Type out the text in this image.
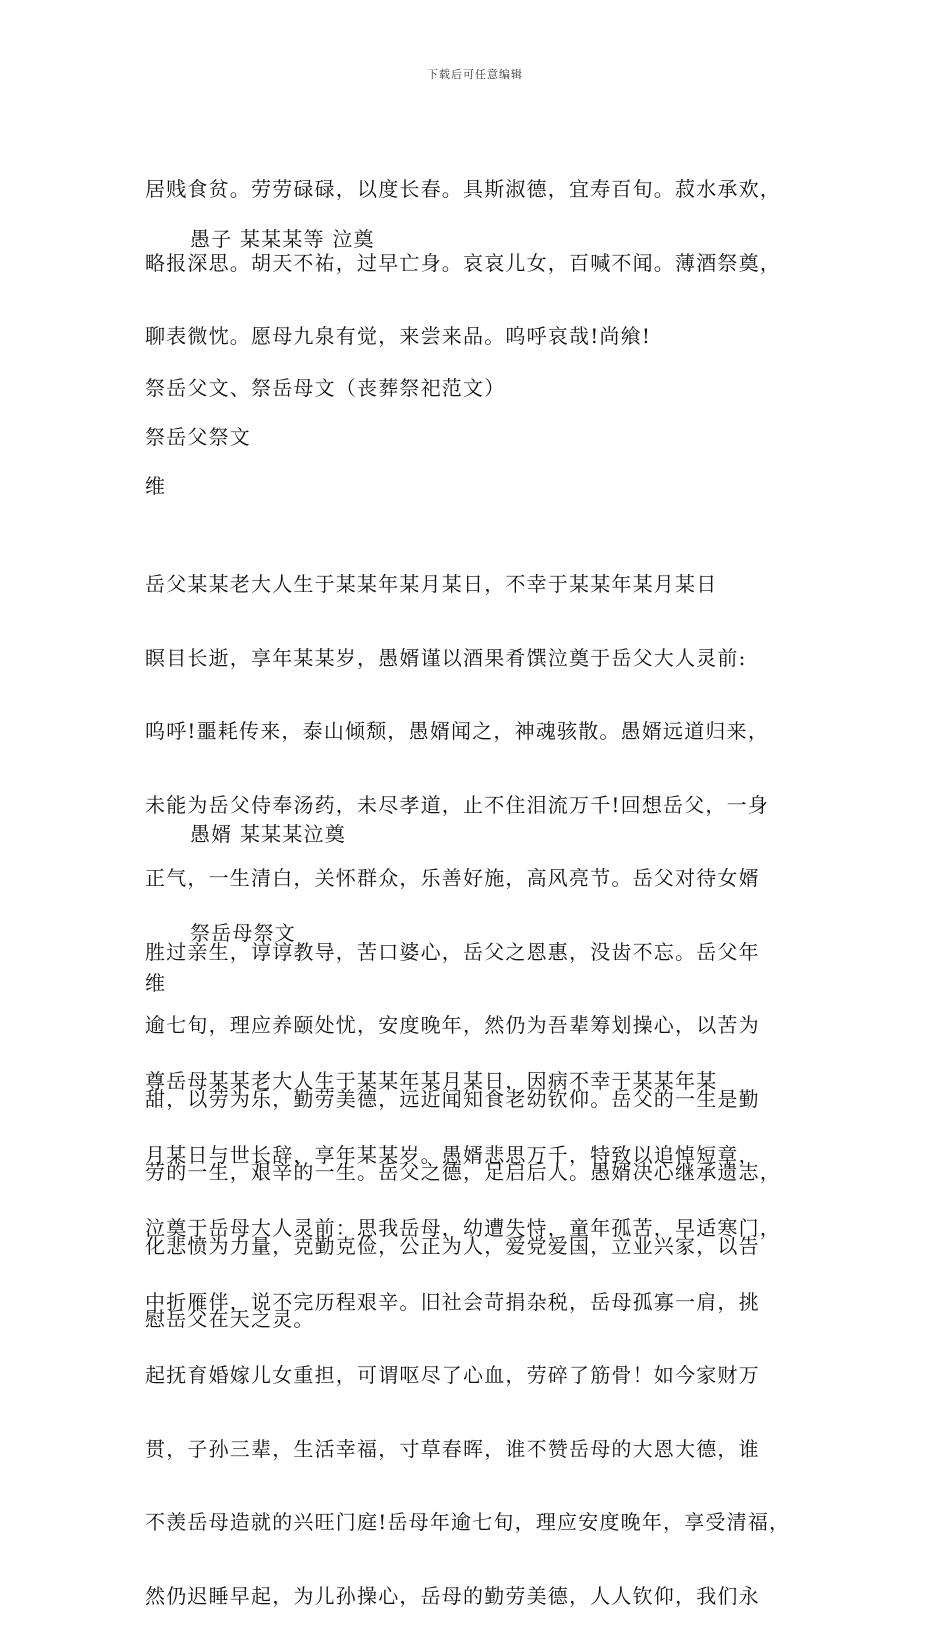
下载后可任意编辑

居贱食贫。劳劳碌碌，以度长春。具斯淑德，宜寿百旬。菽水承欢，

略报深思。胡天不祐，过早亡身。哀哀儿女，百喊不闻。薄酒祭奠，

聊表微忱。愿母九泉有觉，来尝来品。呜呼哀哉!尚飨!

愚子 某某某等 泣奠
祭岳父文、祭岳母文（丧葬祭祀范文）
祭岳父祭文
维

岳父某某老大人生于某某年某月某日，不幸于某某年某月某日

瞑目长逝，享年某某岁，愚婿谨以酒果肴馔泣奠于岳父大人灵前:

呜呼!噩耗传来，泰山倾颓，愚婿闻之，神魂骇散。愚婿远道归来，

未能为岳父侍奉汤药，未尽孝道，止不住泪流万千!回想岳父，一身

正气，一生清白，关怀群众，乐善好施，高风亮节。岳父对待女婿

胜过亲生，谆谆教导，苦口婆心，岳父之恩惠，没齿不忘。岳父年

逾七旬，理应养颐处忧，安度晚年，然仍为吾辈筹划操心，以苦为

甜，以劳为乐，勤劳美德，远近闻知食老幼钦仰。岳父的一生是勤

劳的一生，艰辛的一生。岳父之德，足启后人。愚婿决心继承遗志，

化悲愤为力量，克勤克俭，公正为人，爱党爱国，立业兴家，以告

慰岳父在天之灵。

愚婿 某某某泣奠
祭岳母祭文
维

尊岳母某某老大人生于某某年某月某日，因病不幸于某某年某

月某日与世长辞，享年某某岁。愚婿悲思万千，特致以追悼短章，

泣奠于岳母大人灵前：思我岳母，幼遭失恃，童年孤苦，早适寒门，

中折雁伴，说不完历程艰辛。旧社会苛捐杂税，岳母孤寡一肩，挑

起抚育婚嫁儿女重担，可谓呕尽了心血，劳碎了筋骨！如今家财万

贯，子孙三辈，生活幸福，寸草春晖，谁不赞岳母的大恩大德，谁

不羡岳母造就的兴旺门庭!岳母年逾七旬，理应安度晚年，享受清福，

然仍迟睡早起，为儿孙操心，岳母的勤劳美德，人人钦仰，我们永
